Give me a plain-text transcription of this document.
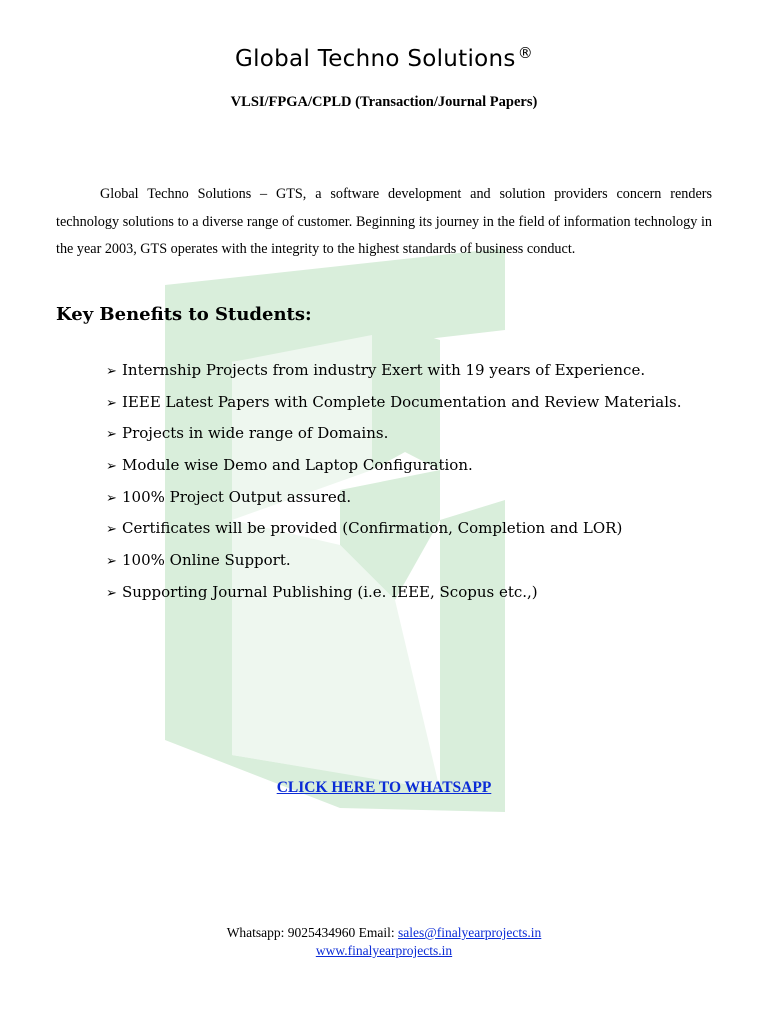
Global Techno Solutions ®
VLSI/FPGA/CPLD (Transaction/Journal Papers)

Global Techno Solutions – GTS, a software development and solution providers concern renders technology solutions to a diverse range of customer. Beginning its journey in the field of information technology in the year 2003, GTS operates with the integrity to the highest standards of business conduct.

Key Benefits to Students:
➢ Internship Projects from industry Exert with 19 years of Experience.
➢ IEEE Latest Papers with Complete Documentation and Review Materials.
➢ Projects in wide range of Domains.
➢ Module wise Demo and Laptop Configuration.
➢ 100% Project Output assured.
➢ Certificates will be provided (Confirmation, Completion and LOR)
➢ 100% Online Support.
➢ Supporting Journal Publishing (i.e. IEEE, Scopus etc.,)
CLICK HERE TO WHATSAPP
Whatsapp: 9025434960 Email: sales@finalyearprojects.in
www.finalyearprojects.in
